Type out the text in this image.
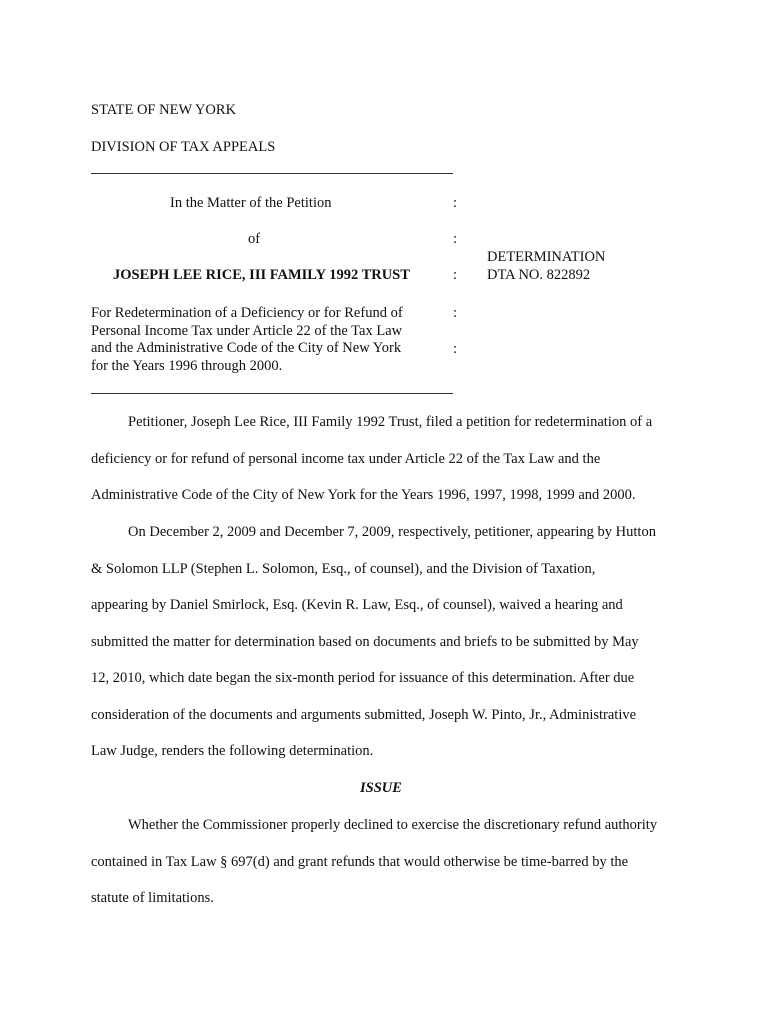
STATE OF NEW YORK
DIVISION OF TAX APPEALS
In the Matter of the Petition
of
JOSEPH LEE RICE, III FAMILY 1992 TRUST
For Redetermination of a Deficiency or for Refund of
Personal Income Tax under Article 22 of the Tax Law
and the Administrative Code of the City of New York
for the Years 1996 through 2000.
:
:
:
:
:
DETERMINATION
DTA NO. 822892
Petitioner, Joseph Lee Rice, III Family 1992 Trust, filed a petition for redetermination of a
deficiency or for refund of personal income tax under Article 22 of the Tax Law and the
Administrative Code of the City of New York for the Years 1996, 1997, 1998, 1999 and 2000.
On December 2, 2009 and December 7, 2009, respectively, petitioner, appearing by Hutton
& Solomon LLP (Stephen L. Solomon, Esq., of counsel), and the Division of Taxation,
appearing by Daniel Smirlock, Esq. (Kevin R. Law, Esq., of counsel), waived a hearing and
submitted the matter for determination based on documents and briefs to be submitted by May
12, 2010, which date began the six-month period for issuance of this determination. After due
consideration of the documents and arguments submitted, Joseph W. Pinto, Jr., Administrative
Law Judge, renders the following determination.
ISSUE
Whether the Commissioner properly declined to exercise the discretionary refund authority
contained in Tax Law § 697(d) and grant refunds that would otherwise be time-barred by the
statute of limitations.
